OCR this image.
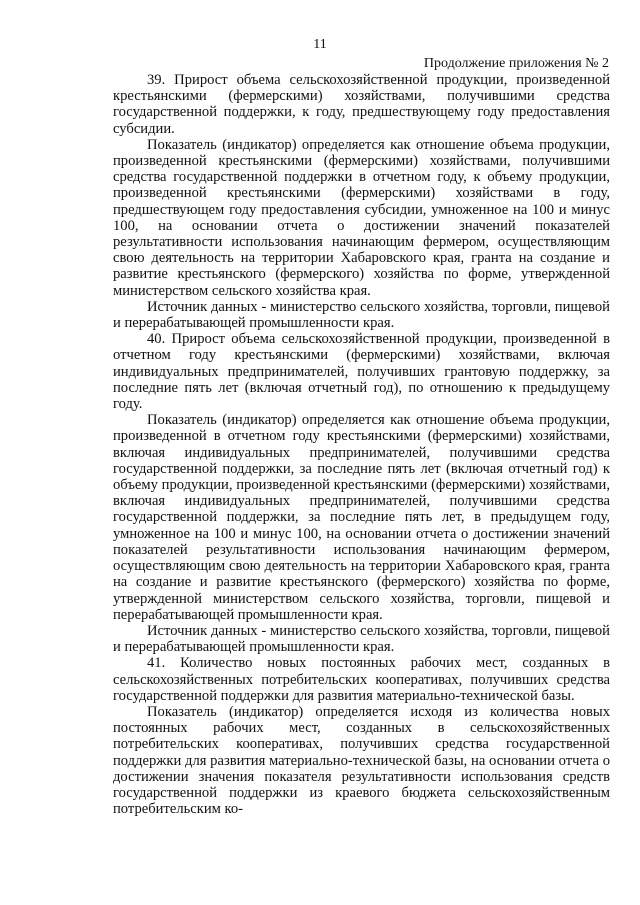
11
Продолжение приложения № 2

39. Прирост объема сельскохозяйственной продукции, произведенной крестьянскими (фермерскими) хозяйствами, получившими средства государственной поддержки, к году, предшествующему году предоставления субсидии.

Показатель (индикатор) определяется как отношение объема продукции, произведенной крестьянскими (фермерскими) хозяйствами, получившими средства государственной поддержки в отчетном году, к объему продукции, произведенной крестьянскими (фермерскими) хозяйствами в году, предшествующем году предоставления субсидии, умноженное на 100 и минус 100, на основании отчета о достижении значений показателей результативности использования начинающим фермером, осуществляющим свою деятельность на территории Хабаровского края, гранта на создание и развитие крестьянского (фермерского) хозяйства по форме, утвержденной министерством сельского хозяйства края.

Источник данных - министерство сельского хозяйства, торговли, пищевой и перерабатывающей промышленности края.

40. Прирост объема сельскохозяйственной продукции, произведенной в отчетном году крестьянскими (фермерскими) хозяйствами, включая индивидуальных предпринимателей, получивших грантовую поддержку, за последние пять лет (включая отчетный год), по отношению к предыдущему году.

Показатель (индикатор) определяется как отношение объема продукции, произведенной в отчетном году крестьянскими (фермерскими) хозяйствами, включая индивидуальных предпринимателей, получившими средства государственной поддержки, за последние пять лет (включая отчетный год) к объему продукции, произведенной крестьянскими (фермерскими) хозяйствами, включая индивидуальных предпринимателей, получившими средства государственной поддержки, за последние пять лет, в предыдущем году, умноженное на 100 и минус 100, на основании отчета о достижении значений показателей результативности использования начинающим фермером, осуществляющим свою деятельность на территории Хабаровского края, гранта на создание и развитие крестьянского (фермерского) хозяйства по форме, утвержденной министерством сельского хозяйства, торговли, пищевой и перерабатывающей промышленности края.

Источник данных - министерство сельского хозяйства, торговли, пищевой и перерабатывающей промышленности края.

41. Количество новых постоянных рабочих мест, созданных в сельскохозяйственных потребительских кооперативах, получивших средства государственной поддержки для развития материально-технической базы.

Показатель (индикатор) определяется исходя из количества новых постоянных рабочих мест, созданных в сельскохозяйственных потребительских кооперативах, получивших средства государственной поддержки для развития материально-технической базы, на основании отчета о достижении значения показателя результативности использования средств государственной поддержки из краевого бюджета сельскохозяйственным потребительским ко-
